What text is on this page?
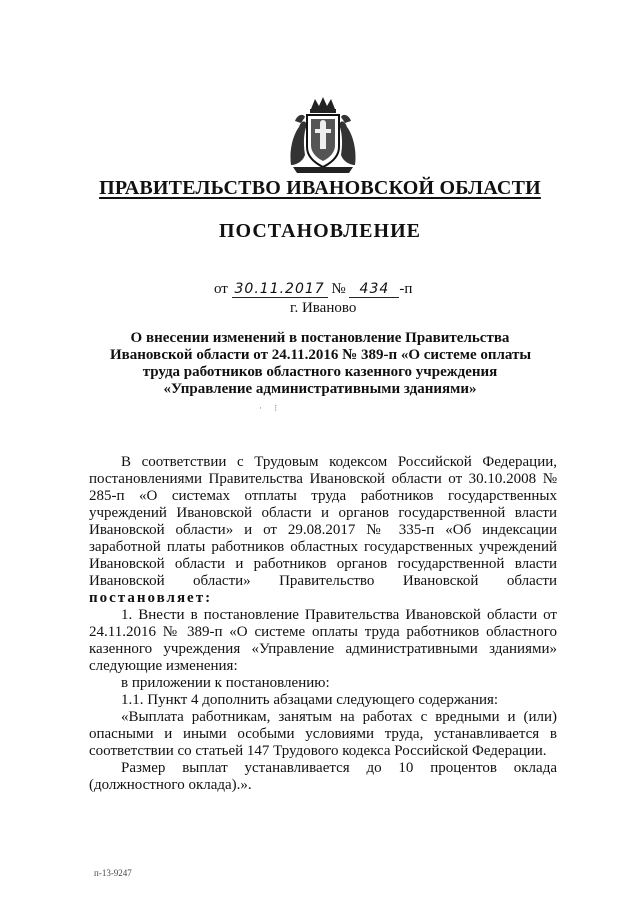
ПРАВИТЕЛЬСТВО ИВАНОВСКОЙ ОБЛАСТИ
ПОСТАНОВЛЕНИЕ
от 30.11.2017 № 434 -п
г. Иваново
О внесении изменений в постановление Правительства
Ивановской области от 24.11.2016 № 389-п «О системе оплаты
труда работников областного казенного учреждения
«Управление административными зданиями»
· ⁝
В соответствии с Трудовым кодексом Российской Федерации, постановлениями Правительства Ивановской области от 30.10.2008 № 285-п «О системах отплаты труда работников государственных учреждений Ивановской области и органов государственной власти Ивановской области» и от 29.08.2017 № 335-п «Об индексации заработной платы работников областных государственных учреждений Ивановской области и работников органов государственной власти Ивановской области» Правительство Ивановской области постановляет:
1. Внести в постановление Правительства Ивановской области от 24.11.2016 № 389-п «О системе оплаты труда работников областного казенного учреждения «Управление административными зданиями» следующие изменения:
в приложении к постановлению:
1.1. Пункт 4 дополнить абзацами следующего содержания:
«Выплата работникам, занятым на работах с вредными и (или) опасными и иными особыми условиями труда, устанавливается в соответствии со статьей 147 Трудового кодекса Российской Федерации.
Размер выплат устанавливается до 10 процентов оклада (должностного оклада).».
п-13-9247
